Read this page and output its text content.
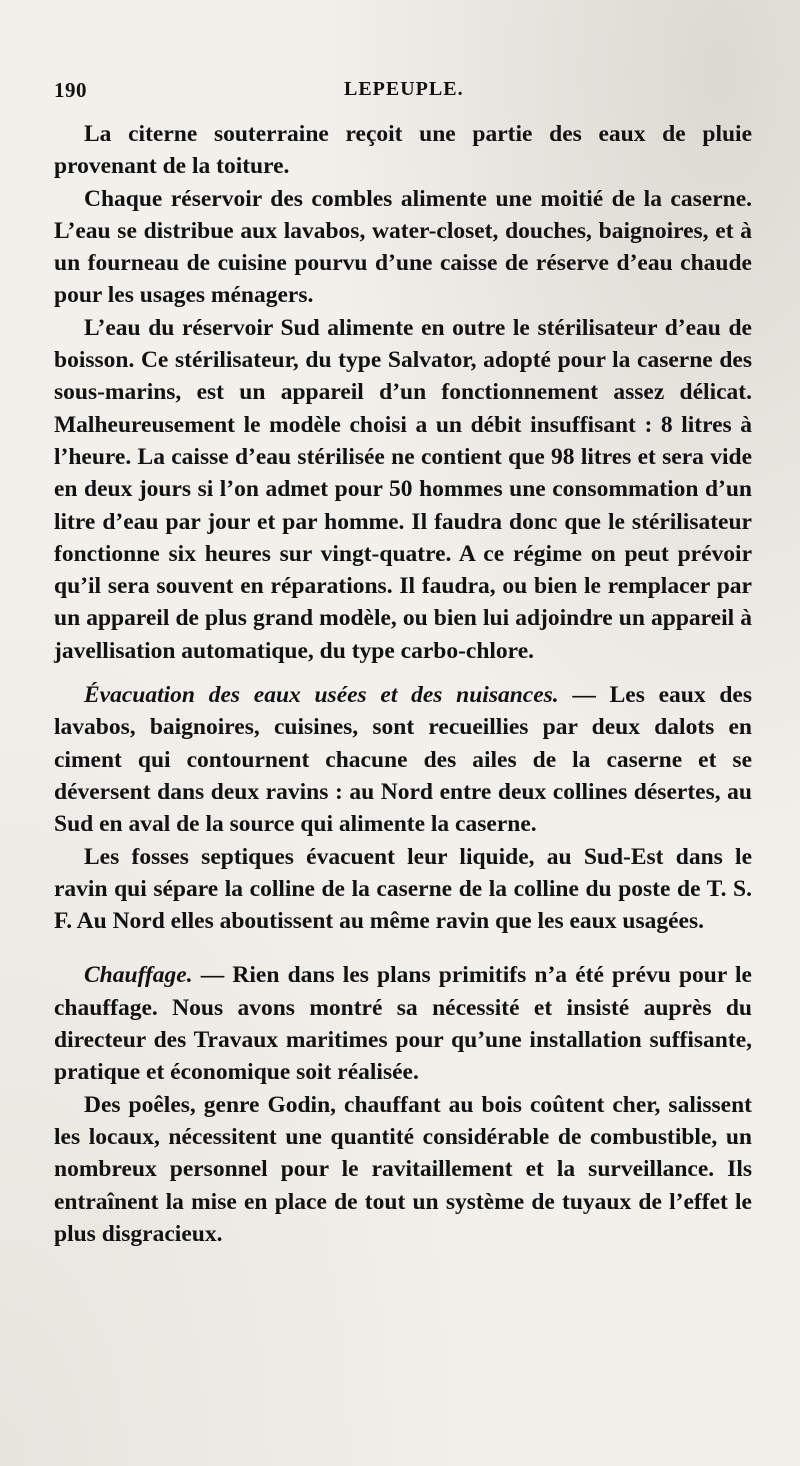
190	LEPEUPLE.

La citerne souterraine reçoit une partie des eaux de pluie provenant de la toiture.

Chaque réservoir des combles alimente une moitié de la caserne. L’eau se distribue aux lavabos, water-closet, douches, baignoires, et à un fourneau de cuisine pourvu d’une caisse de réserve d’eau chaude pour les usages ménagers.

L’eau du réservoir Sud alimente en outre le stérilisateur d’eau de boisson. Ce stérilisateur, du type Salvator, adopté pour la caserne des sous-marins, est un appareil d’un fonctionnement assez délicat. Malheureusement le modèle choisi a un débit insuffisant : 8 litres à l’heure. La caisse d’eau stérilisée ne contient que 98 litres et sera vide en deux jours si l’on admet pour 50 hommes une consommation d’un litre d’eau par jour et par homme. Il faudra donc que le stérilisateur fonctionne six heures sur vingt-quatre. A ce régime on peut prévoir qu’il sera souvent en réparations. Il faudra, ou bien le remplacer par un appareil de plus grand modèle, ou bien lui adjoindre un appareil à javellisation automatique, du type carbo-chlore.

Évacuation des eaux usées et des nuisances. — Les eaux des lavabos, baignoires, cuisines, sont recueillies par deux dalots en ciment qui contournent chacune des ailes de la caserne et se déversent dans deux ravins : au Nord entre deux collines désertes, au Sud en aval de la source qui alimente la caserne.

Les fosses septiques évacuent leur liquide, au Sud-Est dans le ravin qui sépare la colline de la caserne de la colline du poste de T. S. F. Au Nord elles aboutissent au même ravin que les eaux usagées.

Chauffage. — Rien dans les plans primitifs n’a été prévu pour le chauffage. Nous avons montré sa nécessité et insisté auprès du directeur des Travaux maritimes pour qu’une installation suffisante, pratique et économique soit réalisée.

Des poêles, genre Godin, chauffant au bois coûtent cher, salissent les locaux, nécessitent une quantité considérable de combustible, un nombreux personnel pour le ravitaillement et la surveillance. Ils entraînent la mise en place de tout un système de tuyaux de l’effet le plus disgracieux.
